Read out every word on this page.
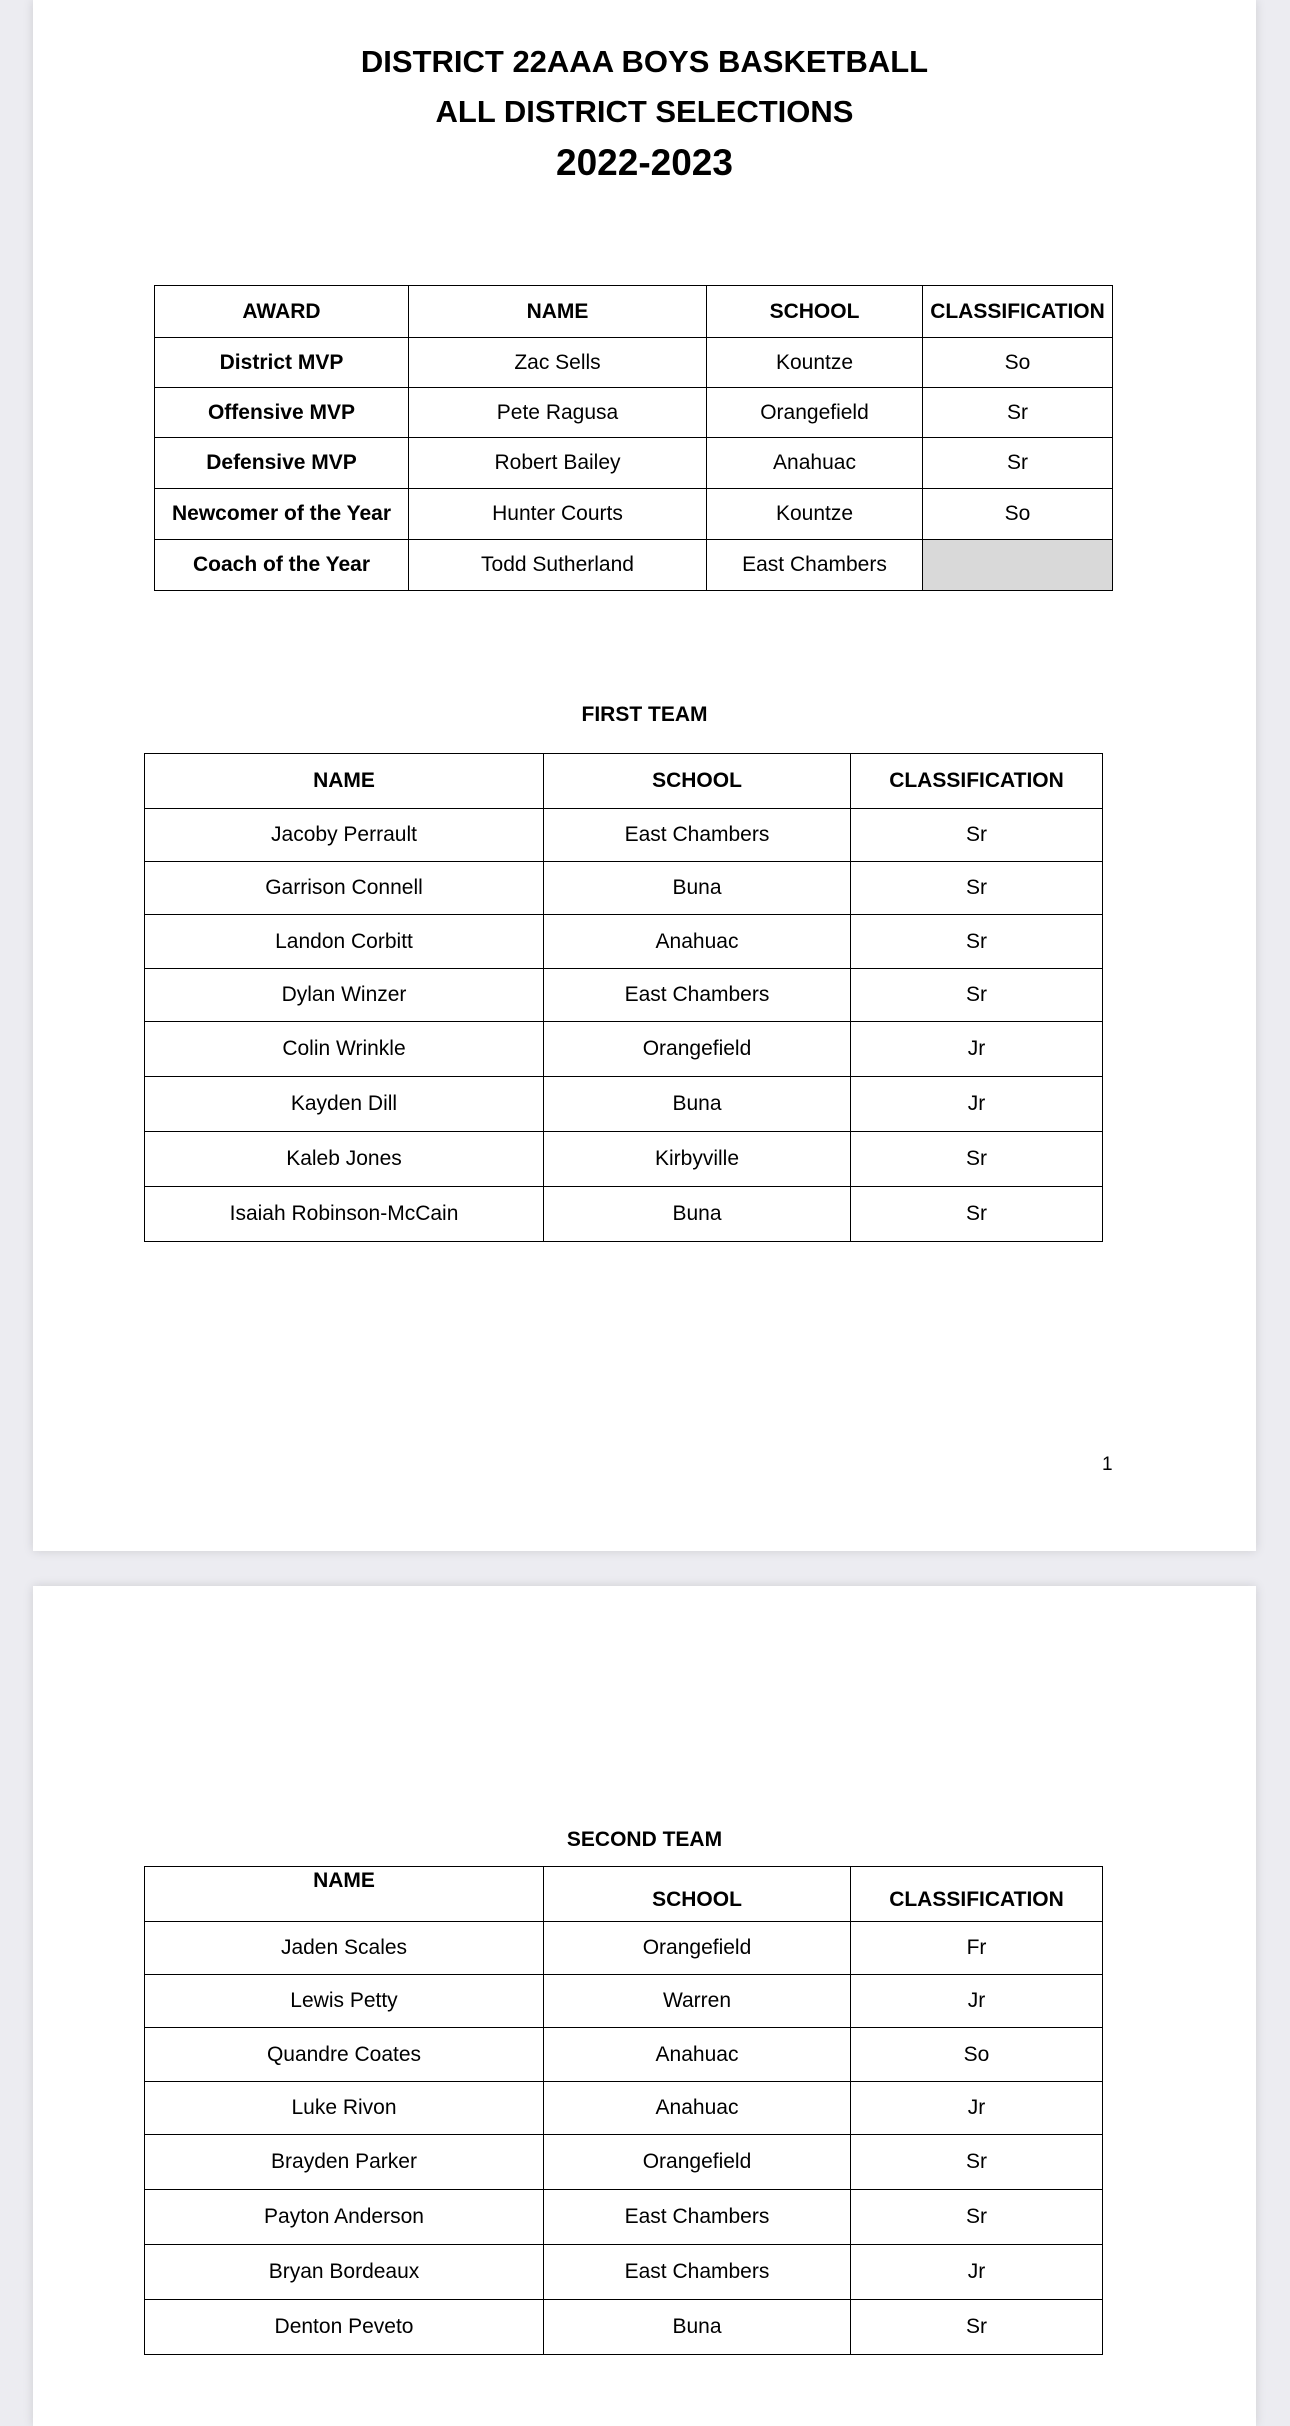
DISTRICT 22AAA BOYS BASKETBALL
ALL DISTRICT SELECTIONS
2022-2023
AWARD	NAME	SCHOOL	CLASSIFICATION
District MVP	Zac Sells	Kountze	So
Offensive MVP	Pete Ragusa	Orangefield	Sr
Defensive MVP	Robert Bailey	Anahuac	Sr
Newcomer of the Year	Hunter Courts	Kountze	So
Coach of the Year	Todd Sutherland	East Chambers	
FIRST TEAM
NAME	SCHOOL	CLASSIFICATION
Jacoby Perrault	East Chambers	Sr
Garrison Connell	Buna	Sr
Landon Corbitt	Anahuac	Sr
Dylan Winzer	East Chambers	Sr
Colin Wrinkle	Orangefield	Jr
Kayden Dill	Buna	Jr
Kaleb Jones	Kirbyville	Sr
Isaiah Robinson-McCain	Buna	Sr
1
SECOND TEAM
NAME	SCHOOL	CLASSIFICATION
Jaden Scales	Orangefield	Fr
Lewis Petty	Warren	Jr
Quandre Coates	Anahuac	So
Luke Rivon	Anahuac	Jr
Brayden Parker	Orangefield	Sr
Payton Anderson	East Chambers	Sr
Bryan Bordeaux	East Chambers	Jr
Denton Peveto	Buna	Sr
